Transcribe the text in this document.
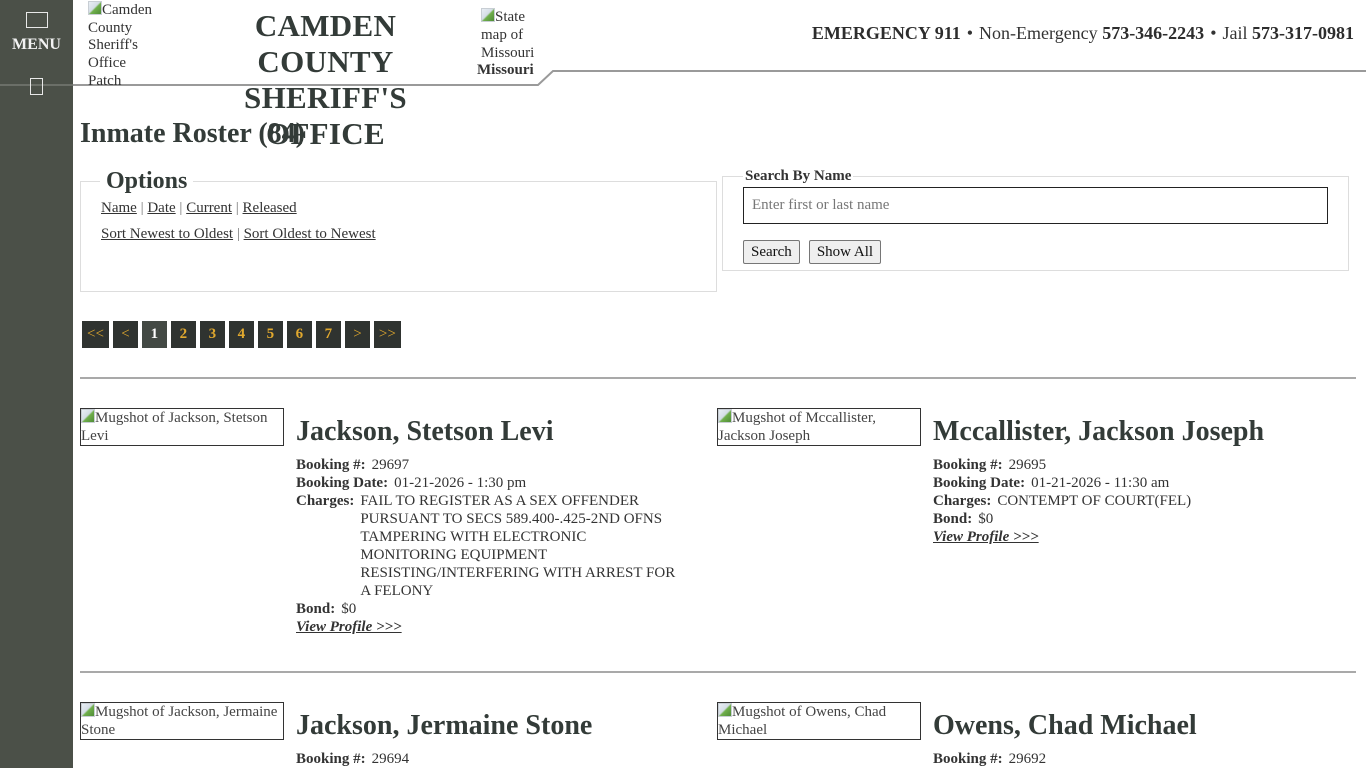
MENU
Camden County Sheriff's Office Patch
CAMDEN COUNTY
SHERIFF'S OFFICE
State map of Missouri
Missouri
EMERGENCY 911 • Non-Emergency 573-346-2243 • Jail 573-317-0981
Inmate Roster (84)
Options
Name | Date | Current | Released
Sort Newest to Oldest | Sort Oldest to Newest
Search By Name
Enter first or last name
Search Show All
<<	<	1	2	3	4	5	6	7	>	>>
Mugshot of Jackson, Stetson Levi	Jackson, Stetson Levi
Booking #: 29697
Booking Date: 01-21-2026 - 1:30 pm
Charges: FAIL TO REGISTER AS A SEX OFFENDER
PURSUANT TO SECS 589.400-.425-2ND OFNS
TAMPERING WITH ELECTRONIC
MONITORING EQUIPMENT
RESISTING/INTERFERING WITH ARREST FOR
A FELONY
Bond: $0
View Profile >>>
Mugshot of Mccallister, Jackson Joseph	Mccallister, Jackson Joseph
Booking #: 29695
Booking Date: 01-21-2026 - 11:30 am
Charges: CONTEMPT OF COURT(FEL)
Bond: $0
View Profile >>>
Mugshot of Jackson, Jermaine Stone	Jackson, Jermaine Stone
Booking #: 29694
Mugshot of Owens, Chad Michael	Owens, Chad Michael
Booking #: 29692
